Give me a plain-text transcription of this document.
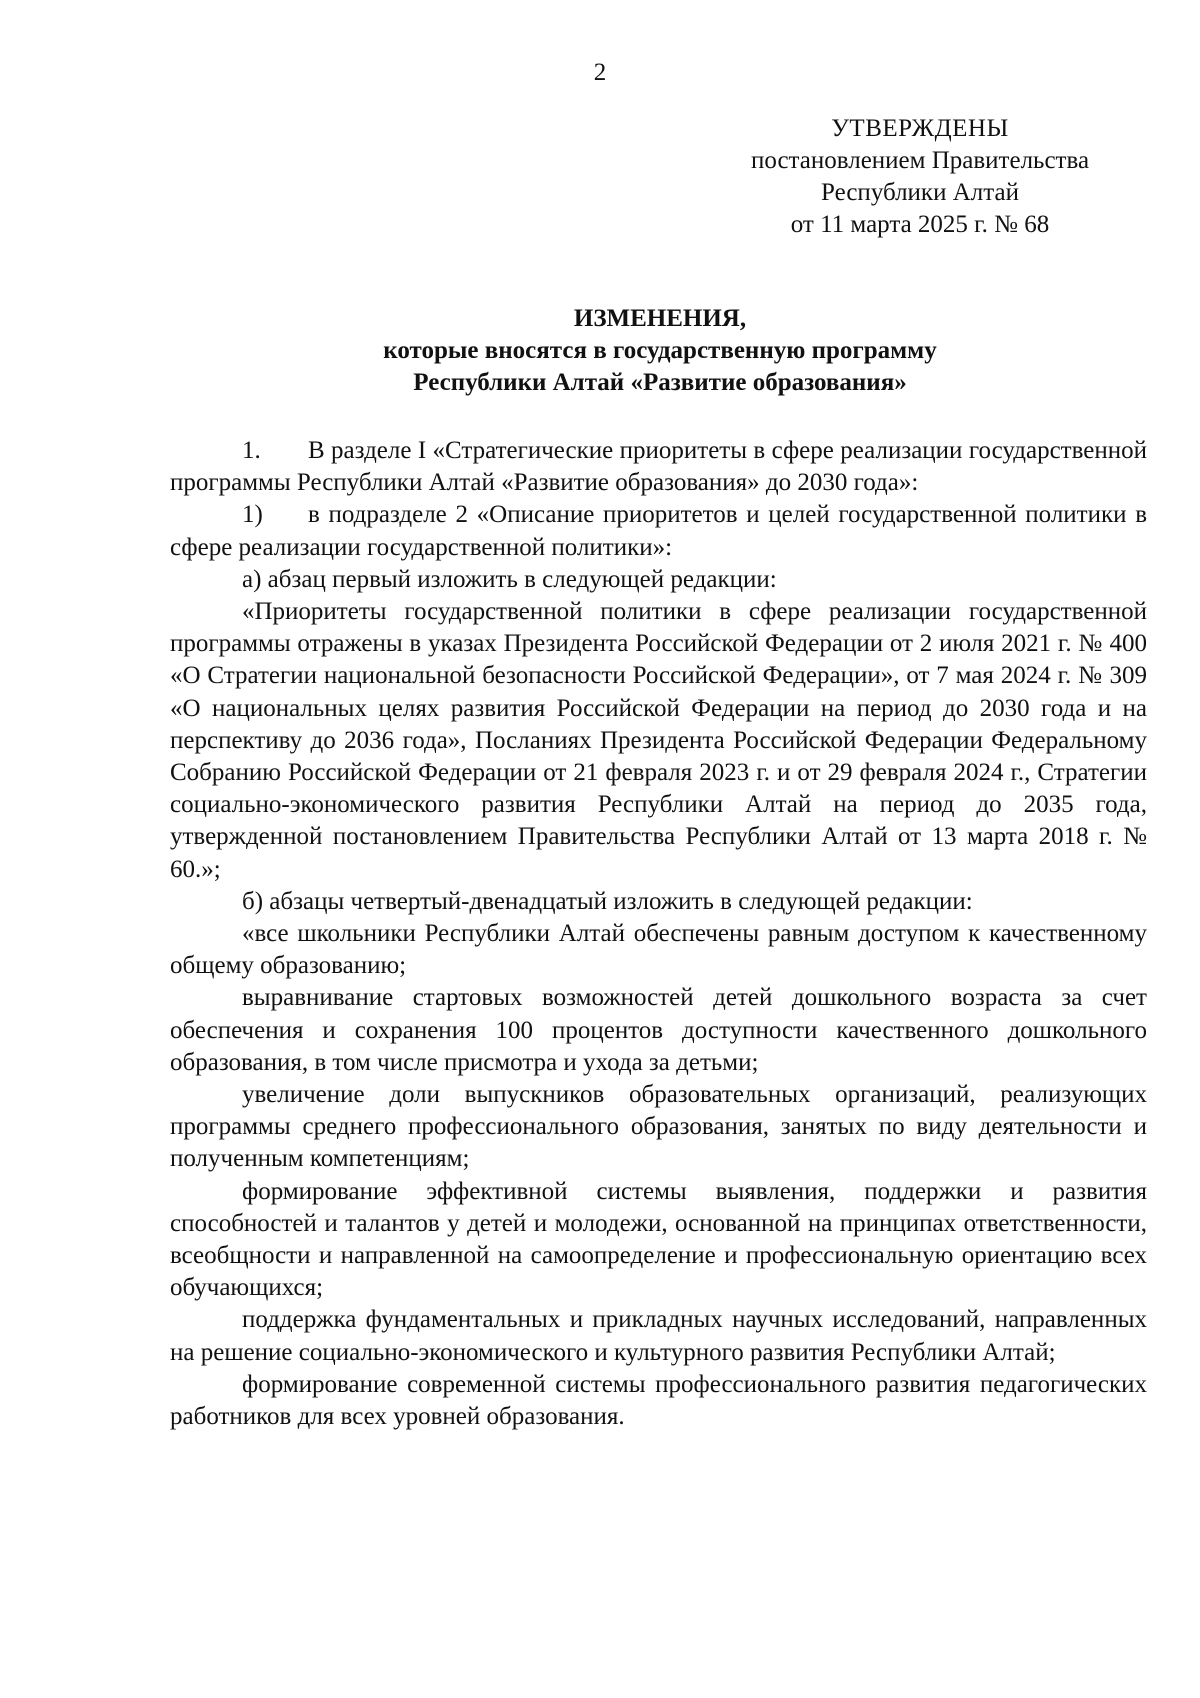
2
УТВЕРЖДЕНЫ
постановлением Правительства
Республики Алтай
от 11 марта 2025 г. № 68
ИЗМЕНЕНИЯ,
которые вносятся в государственную программу
Республики Алтай «Развитие образования»

1. В разделе I «Стратегические приоритеты в сфере реализации государственной программы Республики Алтай «Развитие образования» до 2030 года»:

1) в подразделе 2 «Описание приоритетов и целей государственной политики в сфере реализации государственной политики»:

а) абзац первый изложить в следующей редакции:

«Приоритеты государственной политики в сфере реализации государственной программы отражены в указах Президента Российской Федерации от 2 июля 2021 г. № 400 «О Стратегии национальной безопасности Российской Федерации», от 7 мая 2024 г. № 309 «О национальных целях развития Российской Федерации на период до 2030 года и на перспективу до 2036 года», Посланиях Президента Российской Федерации Федеральному Собранию Российской Федерации от 21 февраля 2023 г. и от 29 февраля 2024 г., Стратегии социально-экономического развития Республики Алтай на период до 2035 года, утвержденной постановлением Правительства Республики Алтай от 13 марта 2018 г. № 60.»;

б) абзацы четвертый-двенадцатый изложить в следующей редакции:

«все школьники Республики Алтай обеспечены равным доступом к качественному общему образованию;

выравнивание стартовых возможностей детей дошкольного возраста за счет обеспечения и сохранения 100 процентов доступности качественного дошкольного образования, в том числе присмотра и ухода за детьми;

увеличение доли выпускников образовательных организаций, реализующих программы среднего профессионального образования, занятых по виду деятельности и полученным компетенциям;

формирование эффективной системы выявления, поддержки и развития способностей и талантов у детей и молодежи, основанной на принципах ответственности, всеобщности и направленной на самоопределение и профессиональную ориентацию всех обучающихся;

поддержка фундаментальных и прикладных научных исследований, направленных на решение социально-экономического и культурного развития Республики Алтай;

формирование современной системы профессионального развития педагогических работников для всех уровней образования.
